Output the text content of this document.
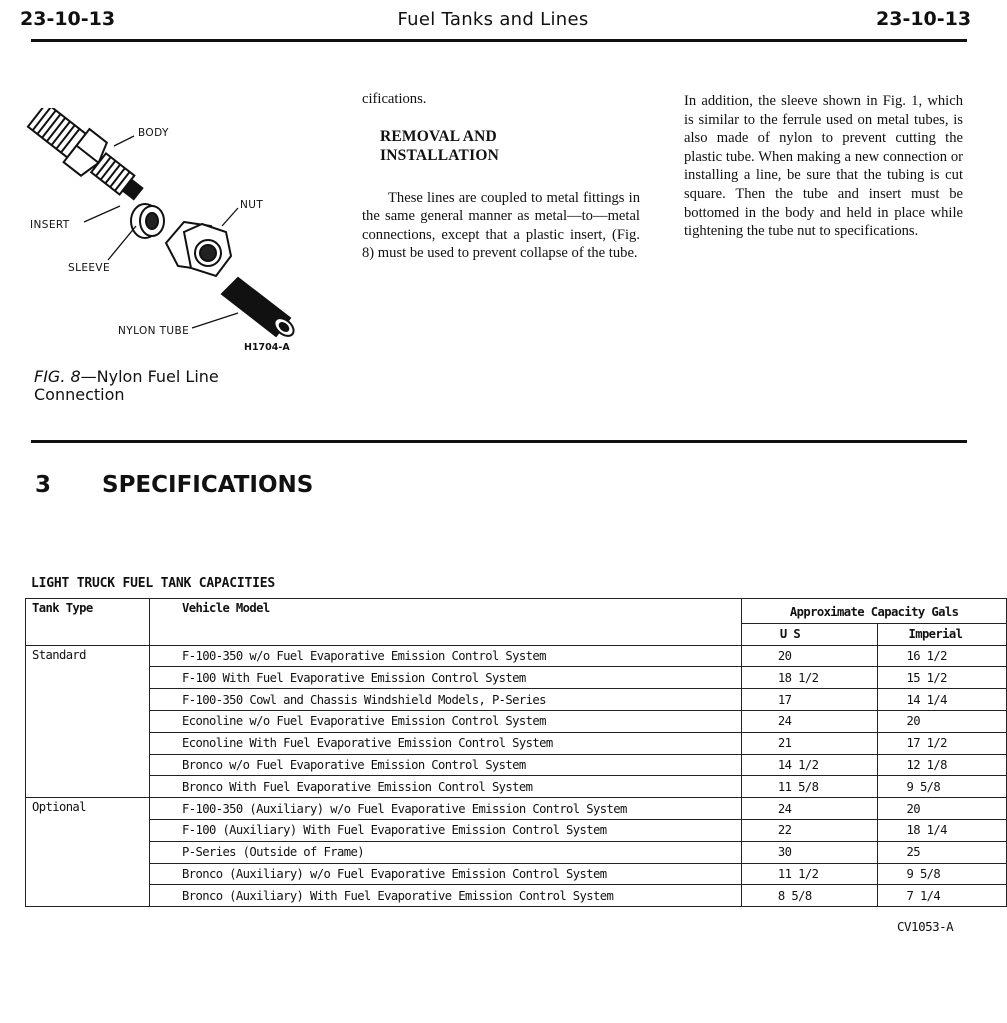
23-10-13	Fuel Tanks and Lines	23-10-13
BODY
INSERT
NUT
SLEEVE
NYLON TUBE
H1704-A
FIG. 8—Nylon Fuel Line Connection

cifications.

REMOVAL AND
INSTALLATION

These lines are coupled to metal fittings in the same general manner as metal—to—metal connections, except that a plastic insert, (Fig. 8) must be used to prevent collapse of the tube.

In addition, the sleeve shown in Fig. 1, which is similar to the ferrule used on metal tubes, is also made of nylon to prevent cutting the plastic tube. When making a new connection or installing a line, be sure that the tubing is cut square. Then the tube and insert must be bottomed in the body and held in place while tightening the tube nut to specifications.

3 SPECIFICATIONS
LIGHT TRUCK FUEL TANK CAPACITIES
Tank Type	Vehicle Model	Approximate Capacity Gals	
		U S	Imperial
Standard	F-100-350 w/o Fuel Evaporative Emission Control System	20	16 1/2
	F-100 With Fuel Evaporative Emission Control System	18 1/2	15 1/2
	F-100-350 Cowl and Chassis Windshield Models, P-Series	17	14 1/4
	Econoline w/o Fuel Evaporative Emission Control System	24	20
	Econoline With Fuel Evaporative Emission Control System	21	17 1/2
	Bronco w/o Fuel Evaporative Emission Control System	14 1/2	12 1/8
	Bronco With Fuel Evaporative Emission Control System	11 5/8	9 5/8
Optional	F-100-350 (Auxiliary) w/o Fuel Evaporative Emission Control System	24	20
	F-100 (Auxiliary) With Fuel Evaporative Emission Control System	22	18 1/4
	P-Series (Outside of Frame)	30	25
	Bronco (Auxiliary) w/o Fuel Evaporative Emission Control System	11 1/2	9 5/8
	Bronco (Auxiliary) With Fuel Evaporative Emission Control System	8 5/8	7 1/4
CV1053-A
